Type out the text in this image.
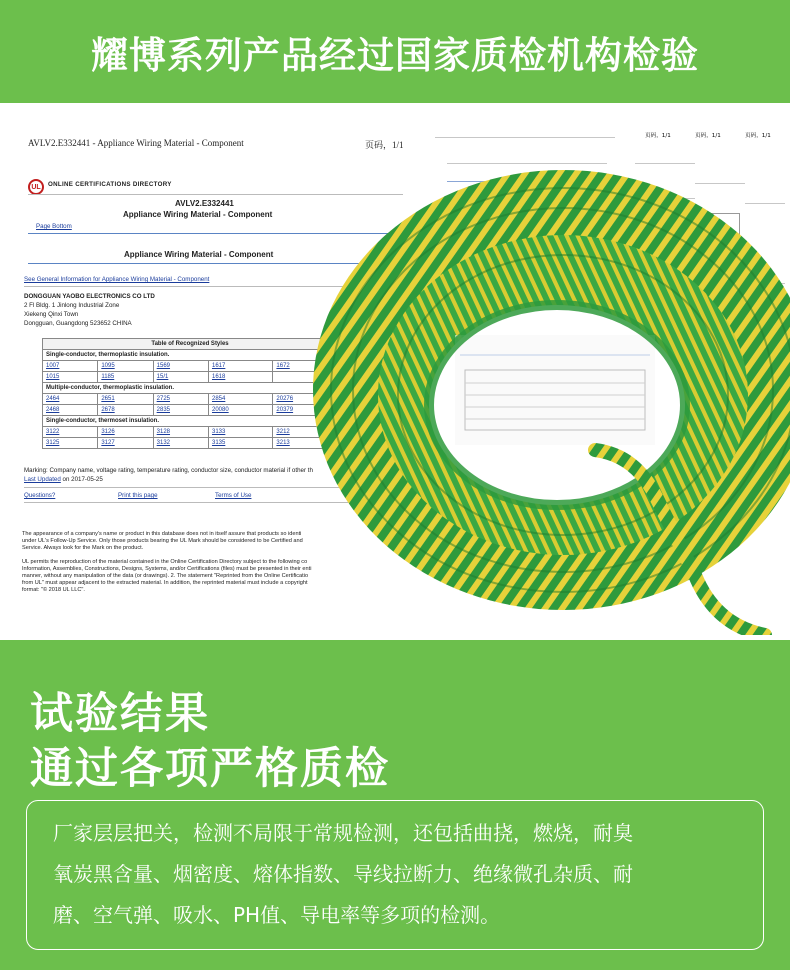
耀博系列产品经过国家质检机构检验
页码，1/1	页码，1/1	页码，1/1
AVLV2.E332441 - Appliance Wiring Material - Component	页码，1/1
UL	ONLINE CERTIFICATIONS DIRECTORY
AVLV2.E332441
Appliance Wiring Material - Component
Page Bottom
Appliance Wiring Material - Component
See General Information for Appliance Wiring Material - Component
DONGGUAN YAOBO ELECTRONICS CO LTD
2 Fl Bldg. 1 Jinlong Industrial Zone
Xiekeng Qinxi Town
Dongguan, Guangdong 523652 CHINA
Table of Recognized Styles				
Single-conductor, thermoplastic insulation.				
1007	1095	1569	1617	1672
1015	1185	15/1	1618	
Multiple-conductor, thermoplastic insulation.				
2464	2651	2725	2854	20276
2468	2678	2835	20080	20379
Single-conductor, thermoset insulation.				
3122	3126	3128	3133	3212
3125	3127	3132	3135	3213
Marking: Company name, voltage rating, temperature rating, conductor size, conductor material if other th
Last Updated on 2017-05-25
Questions?	Print this page	Terms of Use
The appearance of a company's name or product in this database does not in itself assure that products so identi
under UL's Follow-Up Service. Only those products bearing the UL Mark should be considered to be Certified and
Service. Always look for the Mark on the product.
UL permits the reproduction of the material contained in the Online Certification Directory subject to the following co
Information, Assemblies, Constructions, Designs, Systems, and/or Certifications (files) must be presented in their enti
manner, without any manipulation of the data (or drawings). 2. The statement "Reprinted from the Online Certificatio
from UL" must appear adjacent to the extracted material. In addition, the reprinted material must include a copyright
format: "© 2018 UL LLC".
试验结果
通过各项严格质检
厂家层层把关，检测不局限于常规检测，还包括曲挠，燃烧，耐臭
氧炭黑含量、烟密度、熔体指数、导线拉断力、绝缘微孔杂质、耐
磨、空气弹、吸水、PH值、导电率等多项的检测。
